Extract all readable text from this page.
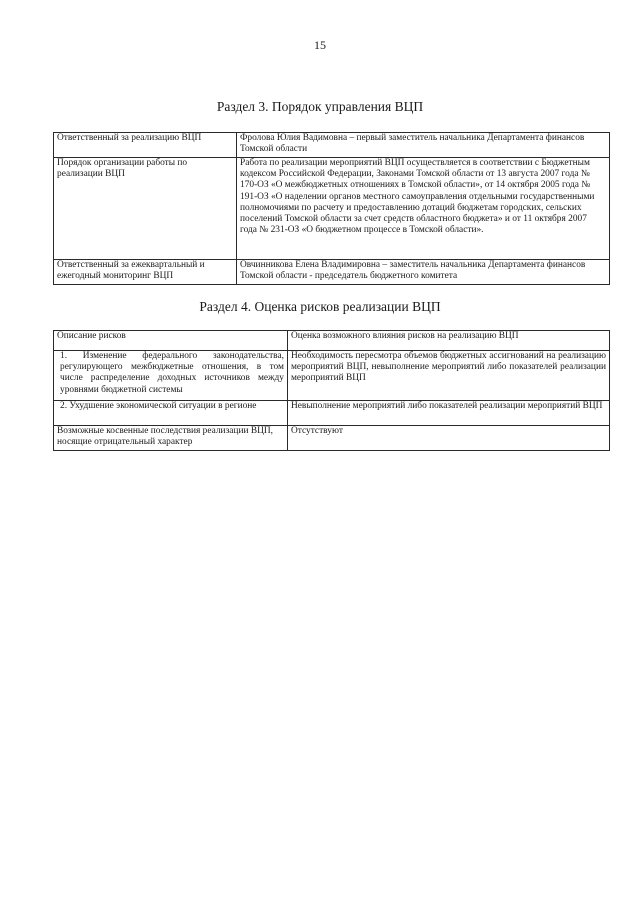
15
Раздел 3. Порядок управления ВЦП
Ответственный за реализацию ВЦП	Фролова Юлия Вадимовна – первый заместитель начальника Департамента финансов Томской области
Порядок организации работы по реализации ВЦП	Работа по реализации мероприятий ВЦП осуществляется в соответствии с Бюджетным кодексом Российской Федерации, Законами Томской области от 13 августа 2007 года № 170-ОЗ «О межбюджетных отношениях в Томской области», от 14 октября 2005 года № 191-ОЗ «О наделении органов местного самоуправления отдельными государственными полномочиями по расчету и предоставлению дотаций бюджетам городских, сельских поселений Томской области за счет средств областного бюджета» и от 11 октября 2007 года № 231-ОЗ «О бюджетном процессе в Томской области».
Ответственный за ежеквартальный и ежегодный мониторинг ВЦП	Овчинникова Елена Владимировна – заместитель начальника Департамента финансов Томской области - председатель бюджетного комитета
Раздел 4. Оценка рисков реализации ВЦП
Описание рисков	Оценка возможного влияния рисков на реализацию ВЦП
1. Изменение федерального законодательства, регулирующего межбюджетные отношения, в том числе распределение доходных источников между уровнями бюджетной системы	Необходимость пересмотра объемов бюджетных ассигнований на реализацию мероприятий ВЦП, невыполнение мероприятий либо показателей реализации мероприятий ВЦП
2. Ухудшение экономической ситуации в регионе	Невыполнение мероприятий либо показателей реализации мероприятий ВЦП
Возможные косвенные последствия реализации ВЦП, носящие отрицательный характер	Отсутствуют
